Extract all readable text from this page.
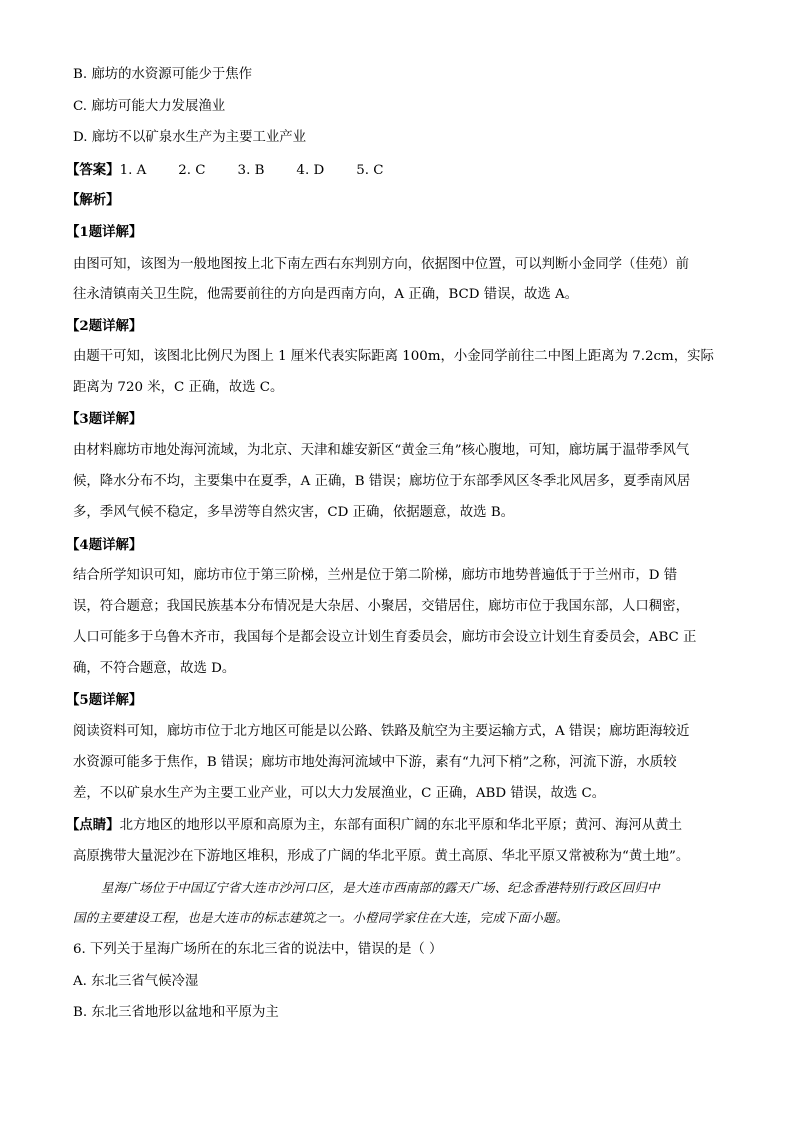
B. 廊坊的水资源可能少于焦作
C. 廊坊可能大力发展渔业
D. 廊坊不以矿泉水生产为主要工业产业
【答案】1. A 2. C 3. B 4. D 5. C
【解析】
【1题详解】
由图可知，该图为一般地图按上北下南左西右东判别方向，依据图中位置，可以判断小金同学（佳苑）前
往永清镇南关卫生院，他需要前往的方向是西南方向，A 正确，BCD 错误，故选 A。
【2题详解】
由题干可知，该图北比例尺为图上 1 厘米代表实际距离 100m，小金同学前往二中图上距离为 7.2cm，实际
距离为 720 米，C 正确，故选 C。
【3题详解】
由材料廊坊市地处海河流域，为北京、天津和雄安新区“黄金三角”核心腹地，可知，廊坊属于温带季风气
候，降水分布不均，主要集中在夏季，A 正确，B 错误；廊坊位于东部季风区冬季北风居多，夏季南风居
多，季风气候不稳定，多旱涝等自然灾害，CD 正确，依据题意，故选 B。
【4题详解】
结合所学知识可知，廊坊市位于第三阶梯，兰州是位于第二阶梯，廊坊市地势普遍低于于兰州市，D 错
误，符合题意；我国民族基本分布情况是大杂居、小聚居，交错居住，廊坊市位于我国东部，人口稠密，
人口可能多于乌鲁木齐市，我国每个是都会设立计划生育委员会，廊坊市会设立计划生育委员会，ABC 正
确，不符合题意，故选 D。
【5题详解】
阅读资料可知，廊坊市位于北方地区可能是以公路、铁路及航空为主要运输方式，A 错误；廊坊距海较近
水资源可能多于焦作，B 错误；廊坊市地处海河流域中下游，素有“九河下梢”之称，河流下游，水质较
差，不以矿泉水生产为主要工业产业，可以大力发展渔业，C 正确，ABD 错误，故选 C。
【点睛】北方地区的地形以平原和高原为主，东部有面积广阔的东北平原和华北平原；黄河、海河从黄土
高原携带大量泥沙在下游地区堆积，形成了广阔的华北平原。黄土高原、华北平原又常被称为“黄土地”。
星海广场位于中国辽宁省大连市沙河口区，是大连市西南部的露天广场、纪念香港特别行政区回归中
国的主要建设工程，也是大连市的标志建筑之一。小橙同学家住在大连，完成下面小题。
6. 下列关于星海广场所在的东北三省的说法中，错误的是（ ）
A. 东北三省气候冷湿
B. 东北三省地形以盆地和平原为主
